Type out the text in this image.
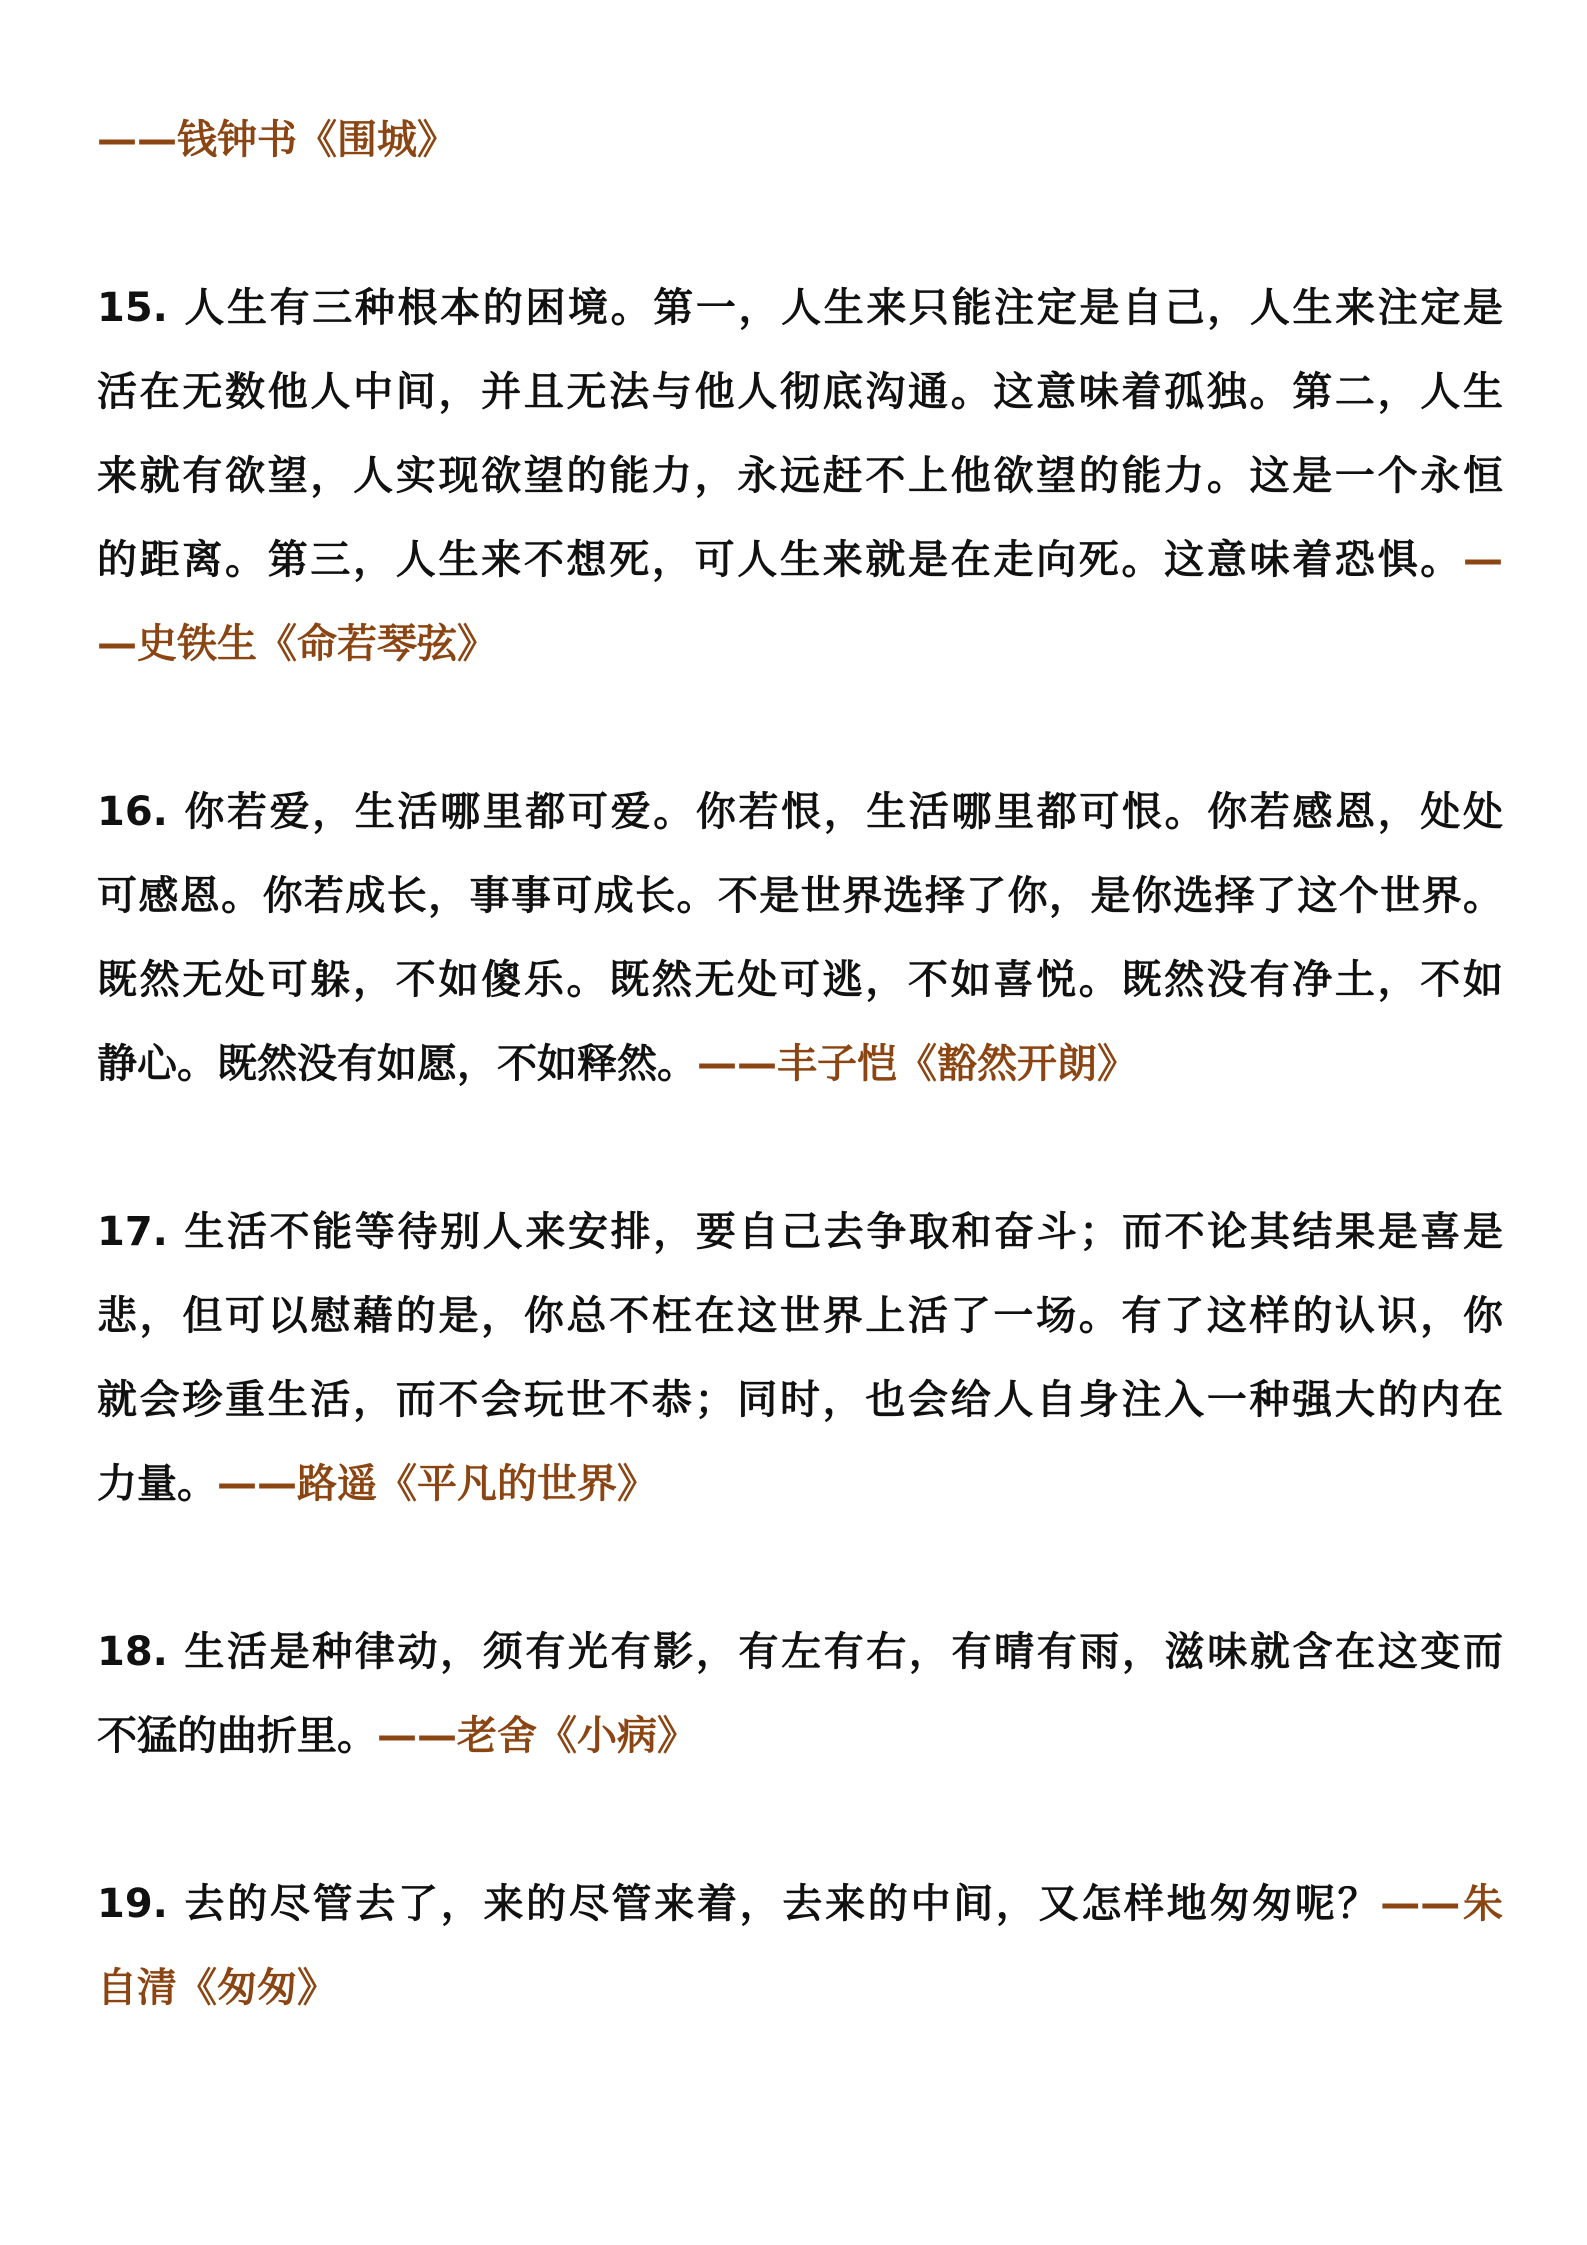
——钱钟书《围城》
15. 人生有三种根本的困境。第一，人生来只能注定是自己，人生来注定是
活在无数他人中间，并且无法与他人彻底沟通。这意味着孤独。第二，人生
来就有欲望，人实现欲望的能力，永远赶不上他欲望的能力。这是一个永恒
的距离。第三，人生来不想死，可人生来就是在走向死。这意味着恐惧。—
—史铁生《命若琴弦》
16. 你若爱，生活哪里都可爱。你若恨，生活哪里都可恨。你若感恩，处处
可感恩。你若成长，事事可成长。不是世界选择了你，是你选择了这个世界。
既然无处可躲，不如傻乐。既然无处可逃，不如喜悦。既然没有净土，不如
静心。既然没有如愿，不如释然。——丰子恺《豁然开朗》
17. 生活不能等待别人来安排，要自己去争取和奋斗；而不论其结果是喜是
悲，但可以慰藉的是，你总不枉在这世界上活了一场。有了这样的认识，你
就会珍重生活，而不会玩世不恭；同时，也会给人自身注入一种强大的内在
力量。——路遥《平凡的世界》
18. 生活是种律动，须有光有影，有左有右，有晴有雨，滋味就含在这变而
不猛的曲折里。——老舍《小病》
19. 去的尽管去了，来的尽管来着，去来的中间，又怎样地匆匆呢？——朱
自清《匆匆》
